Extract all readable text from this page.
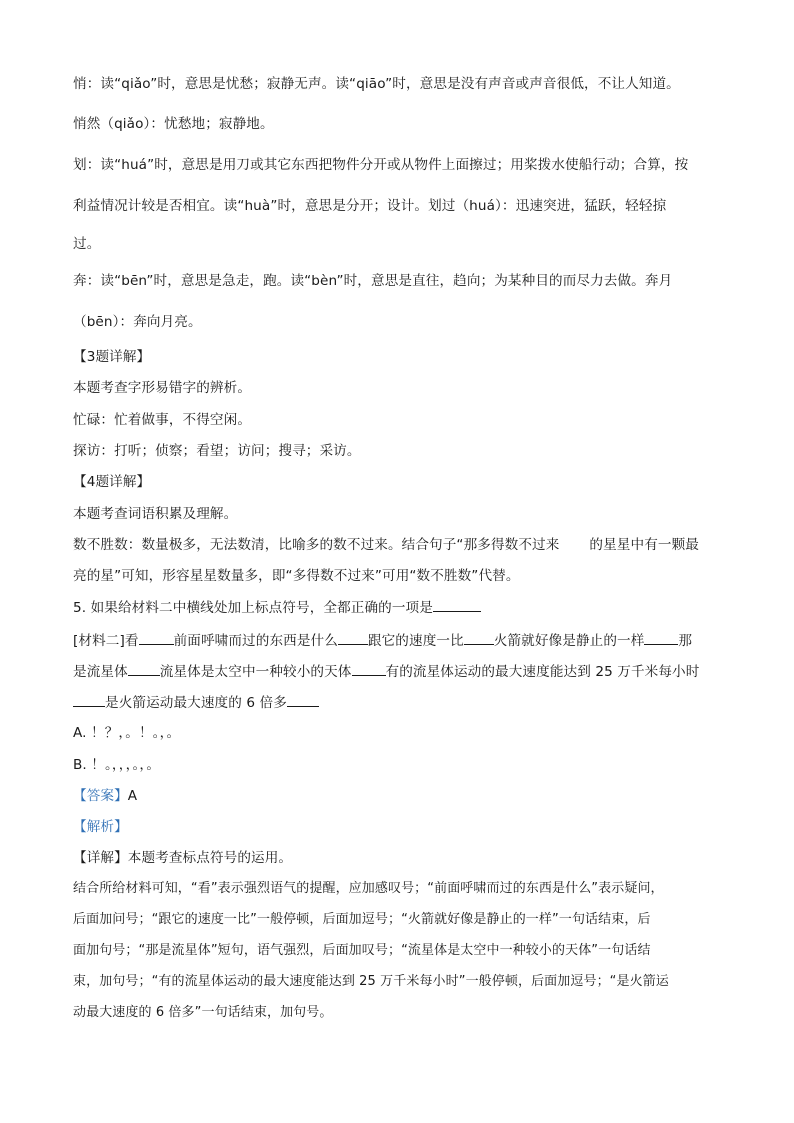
悄：读“qiǎo”时，意思是忧愁；寂静无声。读“qiāo”时，意思是没有声音或声音很低，不让人知道。
悄然（qiǎo）：忧愁地；寂静地。
划：读“huá”时，意思是用刀或其它东西把物件分开或从物件上面擦过；用桨拨水使船行动；合算，按
利益情况计较是否相宜。读“huà”时，意思是分开；设计。划过（huá）：迅速突进，猛跃，轻轻掠
过。
奔：读“bēn”时，意思是急走，跑。读“bèn”时，意思是直往，趋向；为某种目的而尽力去做。奔月
（bēn）：奔向月亮。
【3题详解】
本题考查字形易错字的辨析。
忙碌：忙着做事，不得空闲。
探访：打听；侦察；看望；访问；搜寻；采访。
【4题详解】
本题考查词语积累及理解。
数不胜数：数量极多，无法数清，比喻多的数不过来。结合句子“那多得数不过来 的星星中有一颗最
亮的星”可知，形容星星数量多，即“多得数不过来”可用“数不胜数”代替。
5. 如果给材料二中横线处加上标点符号，全都正确的一项是
[材料二]看	前面呼啸而过的东西是什么 跟它的速度一比 火箭就好像是静止的一样	那
是流星体 流星体是太空中一种较小的天体	有的流星体运动的最大速度能达到 25 万千米每小时
是火箭运动最大速度的 6 倍多
A. ！？，。！。，。
B. ！。，，，。，。
【答案】A
【解析】
【详解】本题考查标点符号的运用。
结合所给材料可知，“看”表示强烈语气的提醒，应加感叹号；“前面呼啸而过的东西是什么”表示疑问，
后面加问号；“跟它的速度一比”一般停顿，后面加逗号；“火箭就好像是静止的一样”一句话结束，后
面加句号；“那是流星体”短句，语气强烈，后面加叹号；“流星体是太空中一种较小的天体”一句话结
束，加句号；“有的流星体运动的最大速度能达到 25 万千米每小时”一般停顿，后面加逗号；“是火箭运
动最大速度的 6 倍多”一句话结束，加句号。
